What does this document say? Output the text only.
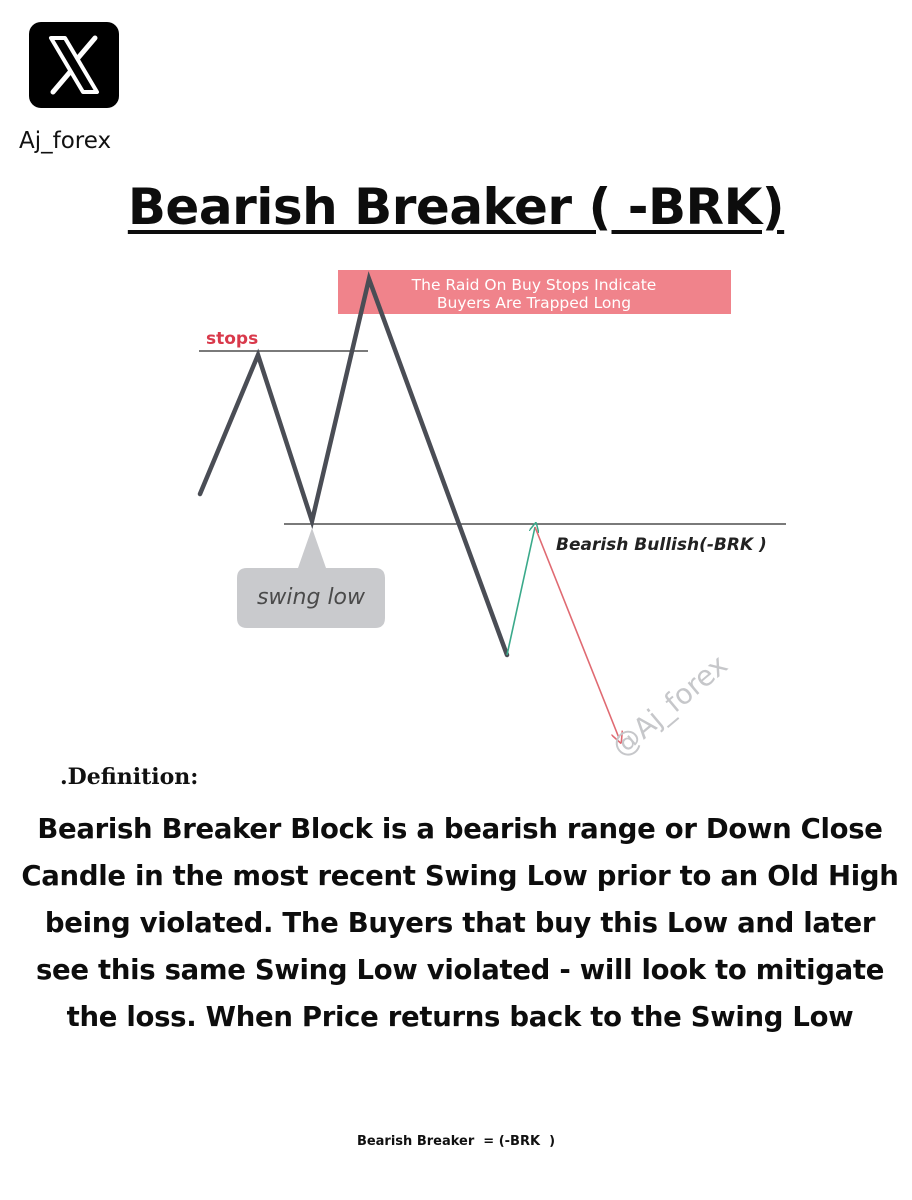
Aj_forex
Bearish Breaker ( -BRK)
The Raid On Buy Stops Indicate
Buyers Are Trapped Long
stops
Bearish Bullish(-BRK )
swing low
@Aj_forex
.Definition:
Bearish Breaker Block is a bearish range or Down Close Candle in the most recent Swing Low prior to an Old High being violated. The Buyers that buy this Low and later see this same Swing Low violated - will look to mitigate the loss. When Price returns back to the Swing Low
Bearish Breaker  = (-BRK  )
